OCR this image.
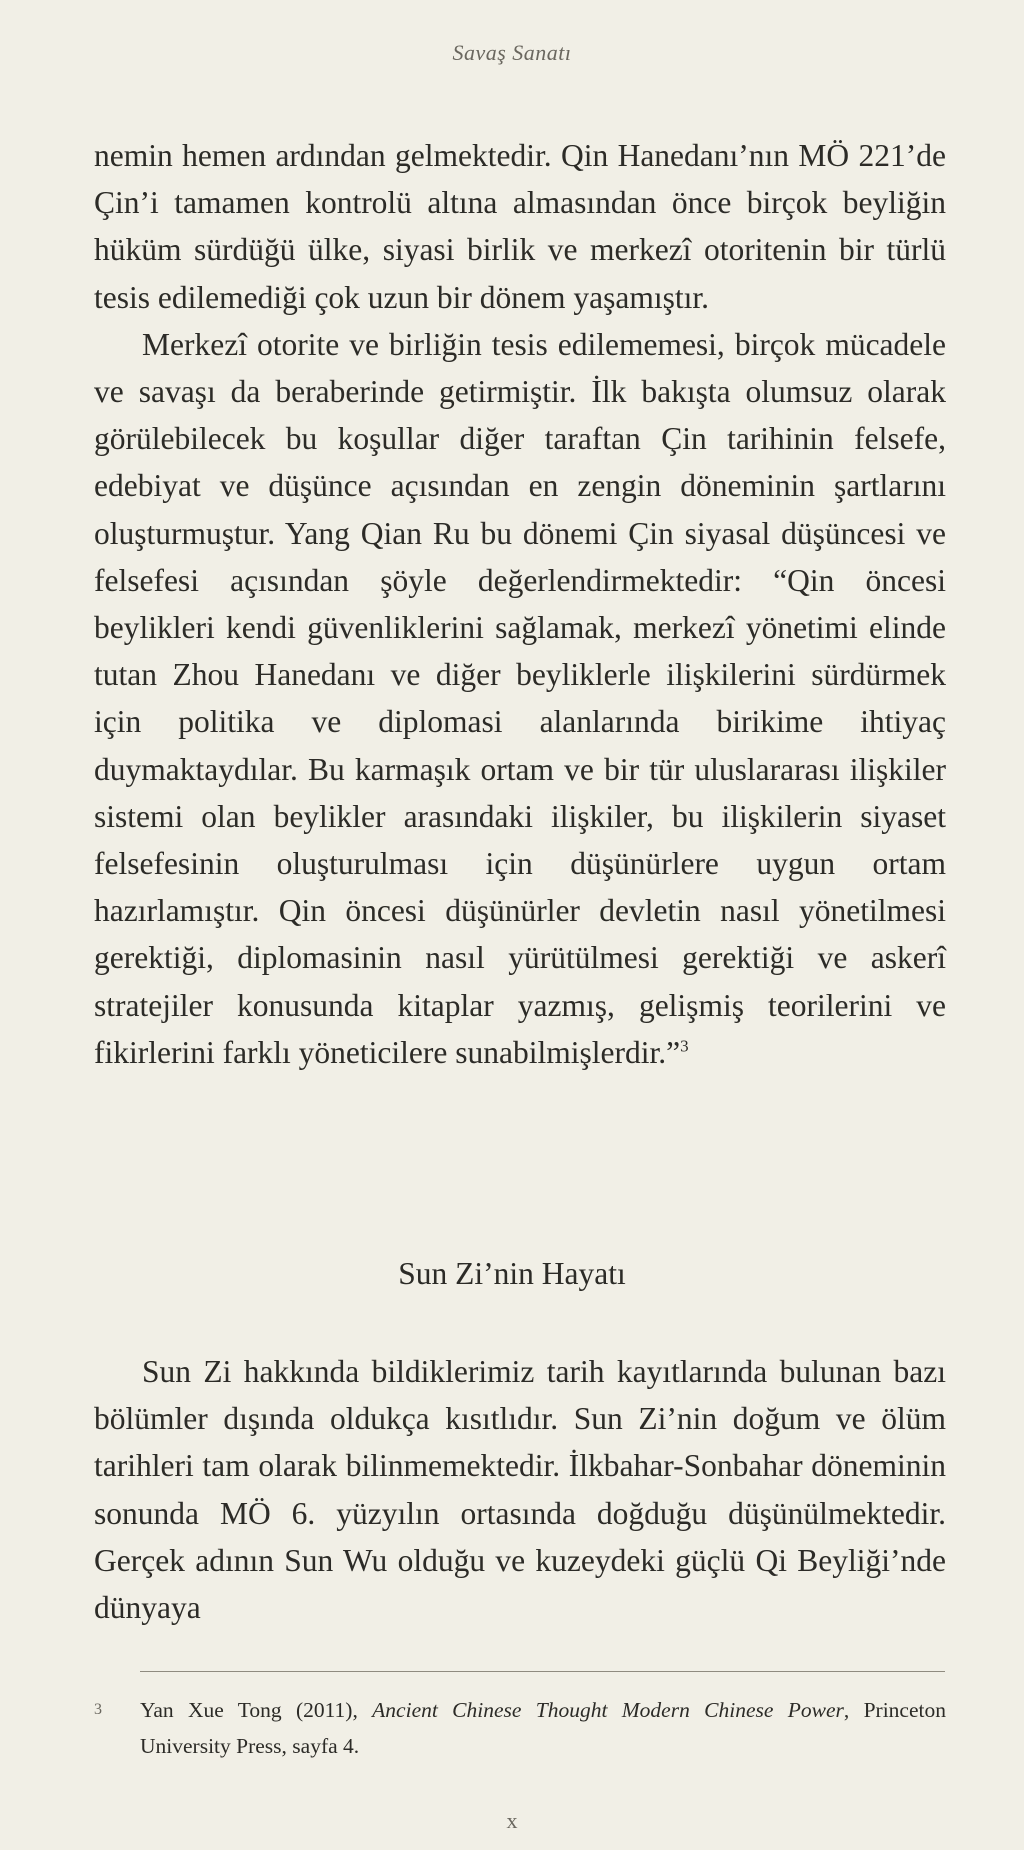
Savaş Sanatı

nemin hemen ardından gelmektedir. Qin Hanedanı’nın MÖ 221’de Çin’i tamamen kontrolü altına almasından önce birçok beyliğin hüküm sürdüğü ülke, siyasi birlik ve merkezî otoritenin bir türlü tesis edilemediği çok uzun bir dönem yaşamıştır.

Merkezî otorite ve birliğin tesis edilememesi, birçok mücadele ve savaşı da beraberinde getirmiştir. İlk bakışta olumsuz olarak görülebilecek bu koşullar diğer taraftan Çin tarihinin felsefe, edebiyat ve düşünce açısından en zengin döneminin şartlarını oluşturmuştur. Yang Qian Ru bu dönemi Çin siyasal düşüncesi ve felsefesi açısından şöyle değerlendirmektedir: “Qin öncesi beylikleri kendi güvenliklerini sağlamak, merkezî yönetimi elinde tutan Zhou Hanedanı ve diğer beyliklerle ilişkilerini sürdürmek için politika ve diplomasi alanlarında birikime ihtiyaç duymaktaydılar. Bu karmaşık ortam ve bir tür uluslararası ilişkiler sistemi olan beylikler arasındaki ilişkiler, bu ilişkilerin siyaset felsefesinin oluşturulması için düşünürlere uygun ortam hazırlamıştır. Qin öncesi düşünürler devletin nasıl yönetilmesi gerektiği, diplomasinin nasıl yürütülmesi gerektiği ve askerî stratejiler konusunda kitaplar yazmış, gelişmiş teorilerini ve fikirlerini farklı yöneticilere sunabilmişlerdir.”$^3$

Sun Zi’nin Hayatı

Sun Zi hakkında bildiklerimiz tarih kayıtlarında bulunan bazı bölümler dışında oldukça kısıtlıdır. Sun Zi’nin doğum ve ölüm tarihleri tam olarak bilinmemektedir. İlkbahar-Sonbahar döneminin sonunda MÖ 6. yüzyılın ortasında doğduğu düşünülmektedir. Gerçek adının Sun Wu olduğu ve kuzeydeki güçlü Qi Beyliği’nde dünyaya

3 Yan Xue Tong (2011), Ancient Chinese Thought Modern Chinese Power, Princeton University Press, sayfa 4.
x
